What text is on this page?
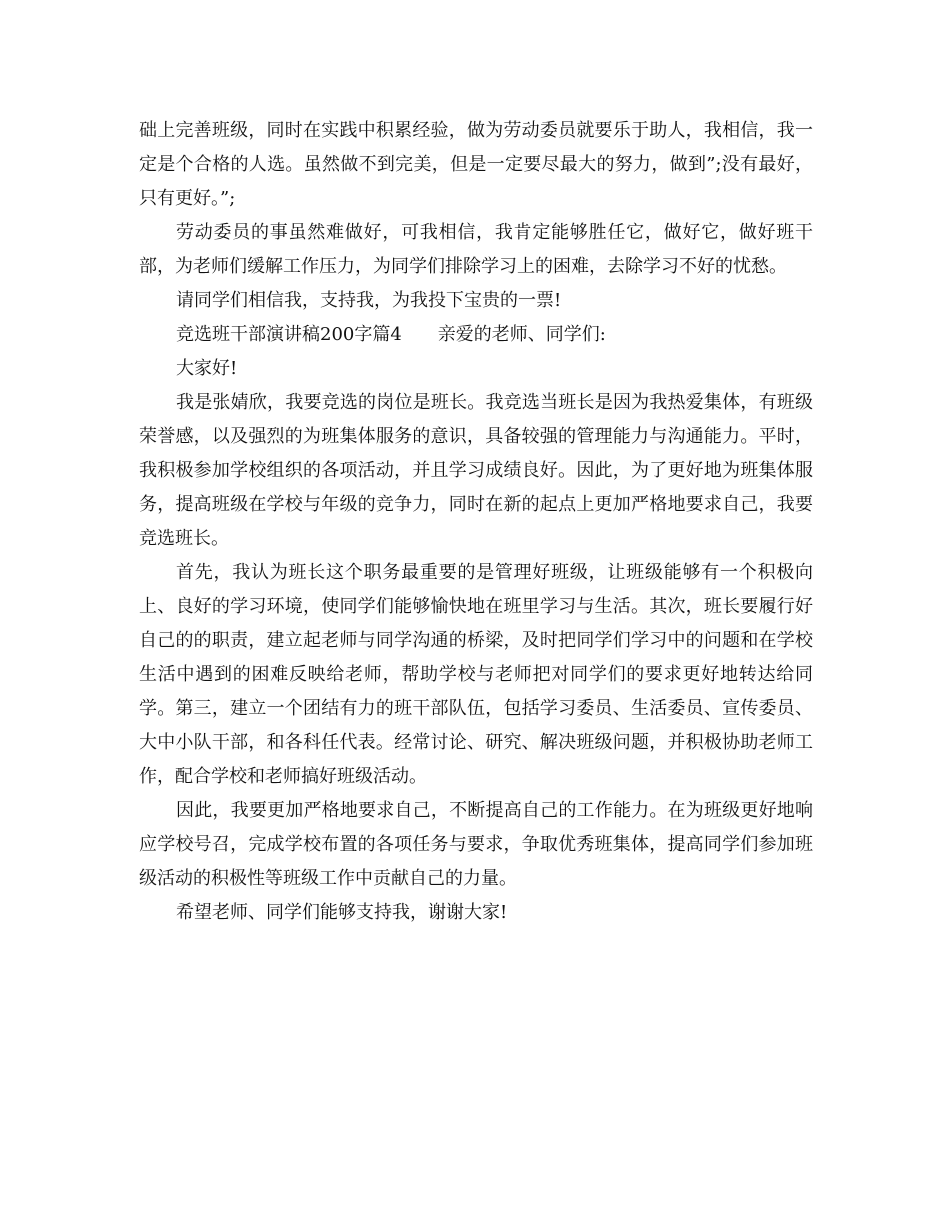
础上完善班级，同时在实践中积累经验，做为劳动委员就要乐于助人，我相信，我一定是个合格的人选。虽然做不到完美，但是一定要尽最大的努力，做到”;没有最好，只有更好。”;

劳动委员的事虽然难做好，可我相信，我肯定能够胜任它，做好它，做好班干部，为老师们缓解工作压力，为同学们排除学习上的困难，去除学习不好的忧愁。

请同学们相信我，支持我，为我投下宝贵的一票!

竞选班干部演讲稿200字篇4　　亲爱的老师、同学们:

大家好!

我是张婧欣，我要竞选的岗位是班长。我竞选当班长是因为我热爱集体，有班级荣誉感，以及强烈的为班集体服务的意识，具备较强的管理能力与沟通能力。平时，我积极参加学校组织的各项活动，并且学习成绩良好。因此，为了更好地为班集体服务，提高班级在学校与年级的竞争力，同时在新的起点上更加严格地要求自己，我要竞选班长。

首先，我认为班长这个职务最重要的是管理好班级，让班级能够有一个积极向上、良好的学习环境，使同学们能够愉快地在班里学习与生活。其次，班长要履行好自己的的职责，建立起老师与同学沟通的桥梁，及时把同学们学习中的问题和在学校生活中遇到的困难反映给老师，帮助学校与老师把对同学们的要求更好地转达给同学。第三，建立一个团结有力的班干部队伍，包括学习委员、生活委员、宣传委员、大中小队干部，和各科任代表。经常讨论、研究、解决班级问题，并积极协助老师工作，配合学校和老师搞好班级活动。

因此，我要更加严格地要求自己，不断提高自己的工作能力。在为班级更好地响应学校号召，完成学校布置的各项任务与要求，争取优秀班集体，提高同学们参加班级活动的积极性等班级工作中贡献自己的力量。

希望老师、同学们能够支持我，谢谢大家!
